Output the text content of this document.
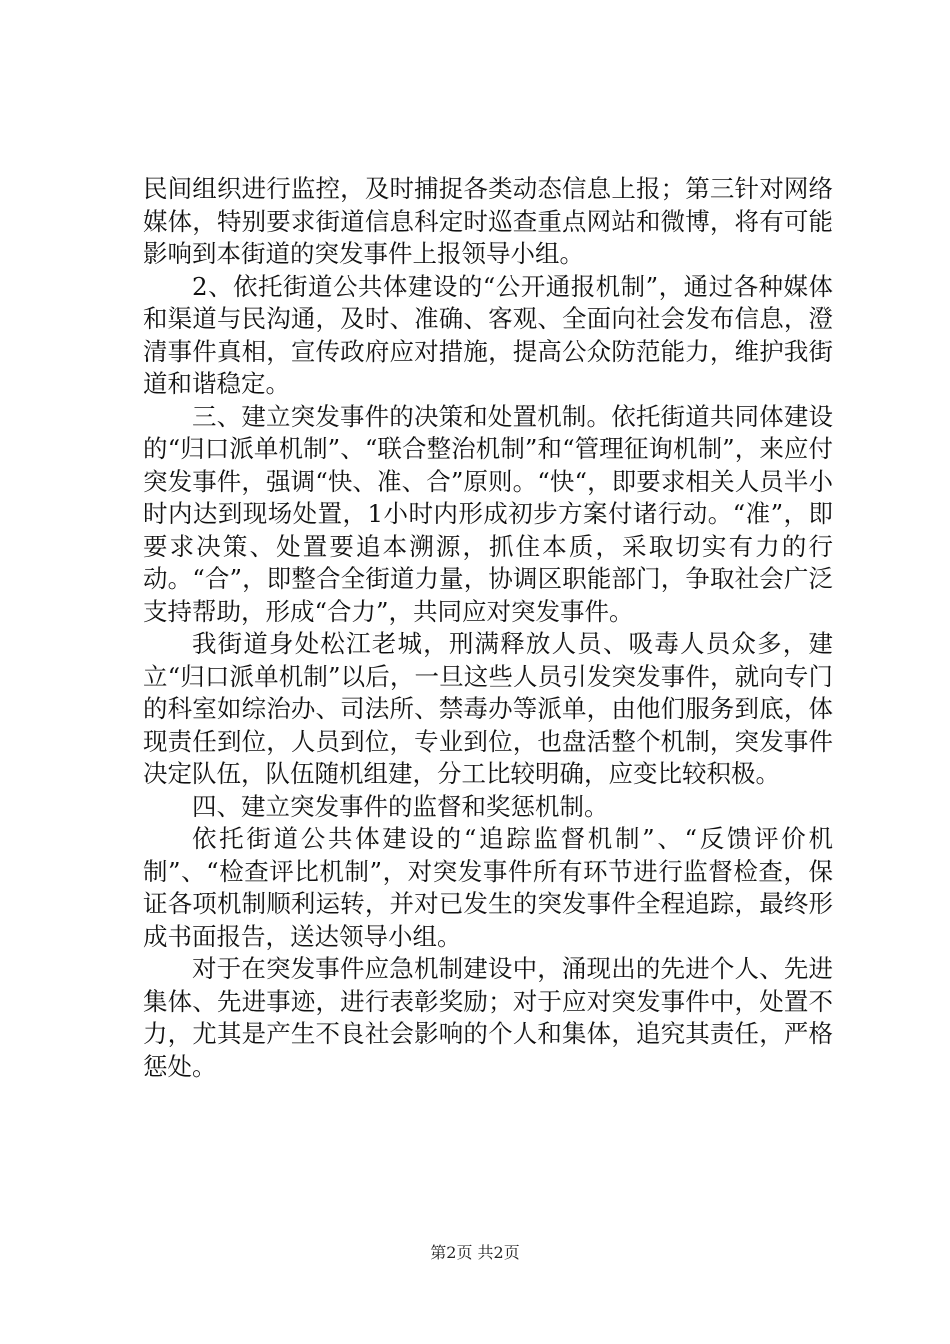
民间组织进行监控，及时捕捉各类动态信息上报；第三针对网络媒体，特别要求街道信息科定时巡查重点网站和微博，将有可能影响到本街道的突发事件上报领导小组。

2、依托街道公共体建设的“公开通报机制”，通过各种媒体和渠道与民沟通，及时、准确、客观、全面向社会发布信息，澄清事件真相，宣传政府应对措施，提高公众防范能力，维护我街道和谐稳定。

三、建立突发事件的决策和处置机制。依托街道共同体建设的“归口派单机制”、“联合整治机制”和“管理征询机制”，来应付突发事件，强调“快、准、合”原则。“快“，即要求相关人员半小时内达到现场处置，1小时内形成初步方案付诸行动。“准”，即要求决策、处置要追本溯源，抓住本质，采取切实有力的行动。“合”，即整合全街道力量，协调区职能部门，争取社会广泛支持帮助，形成“合力”，共同应对突发事件。

我街道身处松江老城，刑满释放人员、吸毒人员众多，建立“归口派单机制”以后，一旦这些人员引发突发事件，就向专门的科室如综治办、司法所、禁毒办等派单，由他们服务到底，体现责任到位，人员到位，专业到位，也盘活整个机制，突发事件决定队伍，队伍随机组建，分工比较明确，应变比较积极。

四、建立突发事件的监督和奖惩机制。

依托街道公共体建设的“追踪监督机制”、“反馈评价机制”、“检查评比机制”，对突发事件所有环节进行监督检查，保证各项机制顺利运转，并对已发生的突发事件全程追踪，最终形成书面报告，送达领导小组。

对于在突发事件应急机制建设中，涌现出的先进个人、先进集体、先进事迹，进行表彰奖励；对于应对突发事件中，处置不力，尤其是产生不良社会影响的个人和集体，追究其责任，严格惩处。

第2页 共2页
